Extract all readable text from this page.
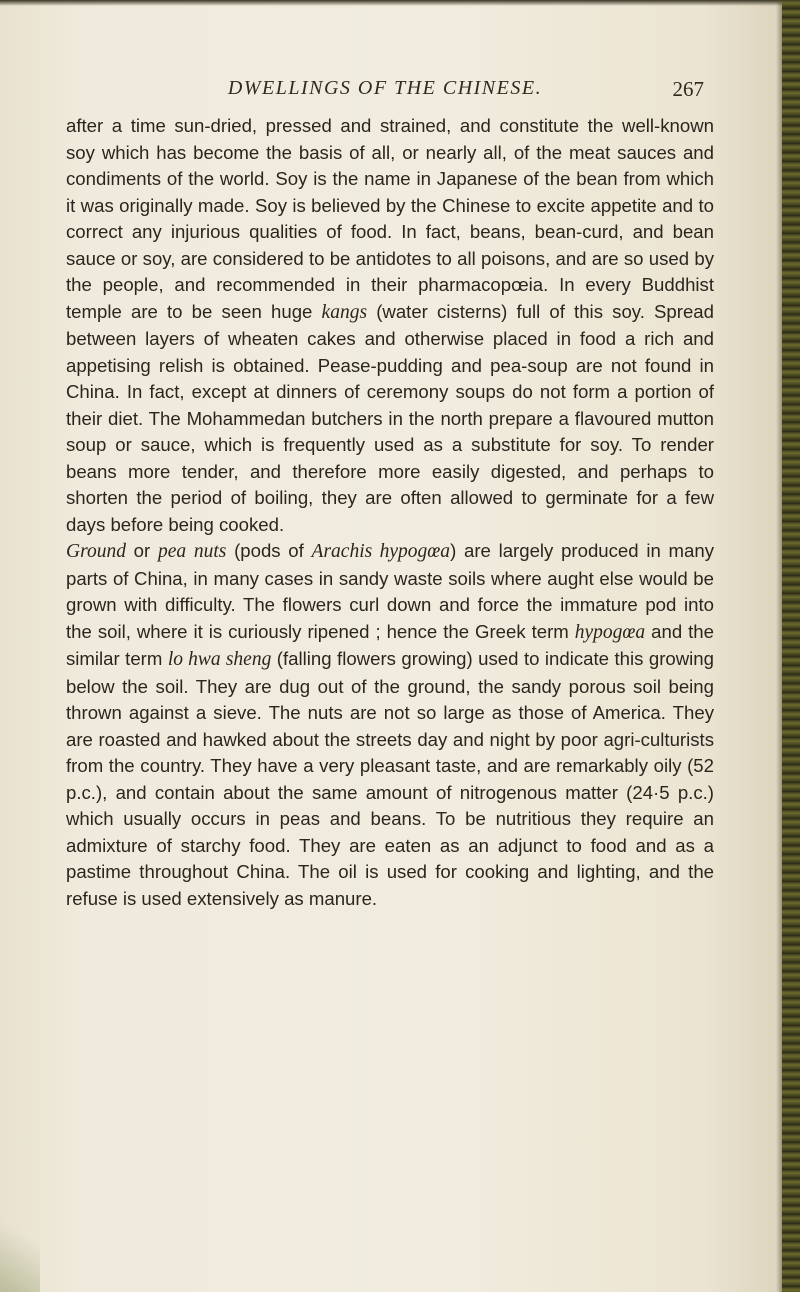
DWELLINGS OF THE CHINESE.	267

after a time sun-dried, pressed and strained, and constitute the well-known soy which has become the basis of all, or nearly all, of the meat sauces and condiments of the world. Soy is the name in Japanese of the bean from which it was originally made. Soy is believed by the Chinese to excite appetite and to correct any injurious qualities of food. In fact, beans, bean-curd, and bean sauce or soy, are considered to be antidotes to all poisons, and are so used by the people, and recommended in their pharmacopœia. In every Buddhist temple are to be seen huge kangs (water cisterns) full of this soy. Spread between layers of wheaten cakes and otherwise placed in food a rich and appetising relish is obtained. Pease-pudding and pea-soup are not found in China. In fact, except at dinners of ceremony soups do not form a portion of their diet. The Mohammedan butchers in the north prepare a flavoured mutton soup or sauce, which is frequently used as a substitute for soy. To render beans more tender, and therefore more easily digested, and perhaps to shorten the period of boiling, they are often allowed to germinate for a few days before being cooked.

Ground or pea nuts (pods of Arachis hypogœa) are largely produced in many parts of China, in many cases in sandy waste soils where aught else would be grown with difficulty. The flowers curl down and force the immature pod into the soil, where it is curiously ripened ; hence the Greek term hypogœa and the similar term lo hwa sheng (falling flowers growing) used to indicate this growing below the soil. They are dug out of the ground, the sandy porous soil being thrown against a sieve. The nuts are not so large as those of America. They are roasted and hawked about the streets day and night by poor agri-culturists from the country. They have a very pleasant taste, and are remarkably oily (52 p.c.), and contain about the same amount of nitrogenous matter (24·5 p.c.) which usually occurs in peas and beans. To be nutritious they require an admixture of starchy food. They are eaten as an adjunct to food and as a pastime throughout China. The oil is used for cooking and lighting, and the refuse is used extensively as manure.
